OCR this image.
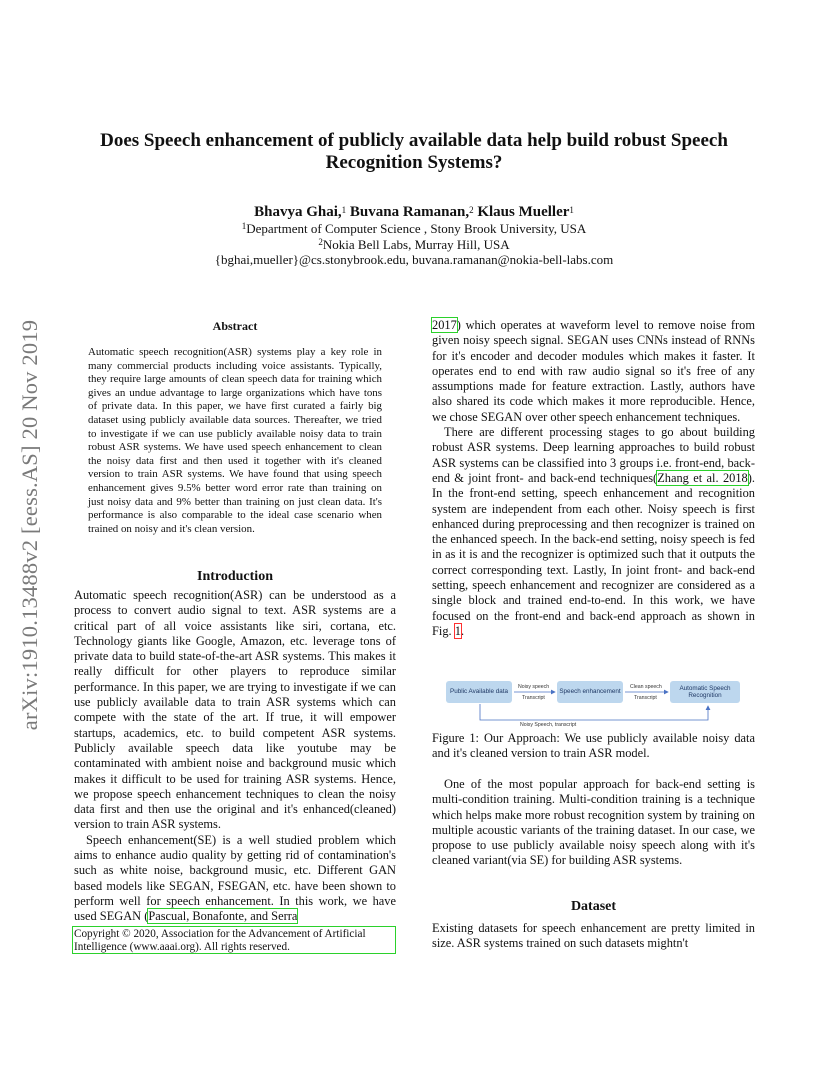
arXiv:1910.13488v2 [eess.AS] 20 Nov 2019
Does Speech enhancement of publicly available data help build robust Speech Recognition Systems?
Bhavya Ghai,$^1$ Buvana Ramanan,$^2$ Klaus Mueller$^1$
$^1$Department of Computer Science , Stony Brook University, USA
$^2$Nokia Bell Labs, Murray Hill, USA
{bghai,mueller}@cs.stonybrook.edu, buvana.ramanan@nokia-bell-labs.com
Abstract
Automatic speech recognition(ASR) systems play a key role in many commercial products including voice assistants. Typically, they require large amounts of clean speech data for training which gives an undue advantage to large organizations which have tons of private data. In this paper, we have first curated a fairly big dataset using publicly available data sources. Thereafter, we tried to investigate if we can use publicly available noisy data to train robust ASR systems. We have used speech enhancement to clean the noisy data first and then used it together with it's cleaned version to train ASR systems. We have found that using speech enhancement gives 9.5% better word error rate than training on just noisy data and 9% better than training on just clean data. It's performance is also comparable to the ideal case scenario when trained on noisy and it's clean version.
Introduction

Automatic speech recognition(ASR) can be understood as a process to convert audio signal to text. ASR systems are a critical part of all voice assistants like siri, cortana, etc. Technology giants like Google, Amazon, etc. leverage tons of private data to build state-of-the-art ASR systems. This makes it really difficult for other players to reproduce similar performance. In this paper, we are trying to investigate if we can use publicly available data to train ASR systems which can compete with the state of the art. If true, it will empower startups, academics, etc. to build competent ASR systems. Publicly available speech data like youtube may be contaminated with ambient noise and background music which makes it difficult to be used for training ASR systems. Hence, we propose speech enhancement techniques to clean the noisy data first and then use the original and it's enhanced(cleaned) version to train ASR systems.

Speech enhancement(SE) is a well studied problem which aims to enhance audio quality by getting rid of contamination's such as white noise, background music, etc. Different GAN based models like SEGAN, FSEGAN, etc. have been shown to perform well for speech enhancement. In this work, we have used SEGAN (Pascual, Bonafonte, and Serra

Copyright © 2020, Association for the Advancement of Artificial Intelligence (www.aaai.org). All rights reserved.

2017) which operates at waveform level to remove noise from given noisy speech signal. SEGAN uses CNNs instead of RNNs for it's encoder and decoder modules which makes it faster. It operates end to end with raw audio signal so it's free of any assumptions made for feature extraction. Lastly, authors have also shared its code which makes it more reproducible. Hence, we chose SEGAN over other speech enhancement techniques.

There are different processing stages to go about building robust ASR systems. Deep learning approaches to build robust ASR systems can be classified into 3 groups i.e. front-end, back-end & joint front- and back-end techniques(Zhang et al. 2018). In the front-end setting, speech enhancement and recognition system are independent from each other. Noisy speech is first enhanced during preprocessing and then recognizer is trained on the enhanced speech. In the back-end setting, noisy speech is fed in as it is and the recognizer is optimized such that it outputs the correct corresponding text. Lastly, In joint front- and back-end setting, speech enhancement and recognizer are considered as a single block and trained end-to-end. In this work, we have focused on the front-end and back-end approach as shown in Fig. 1.

Public Available data	Speech enhancement
Automatic Speech Recognition
Noisy speech
Transcript
Clean speech
Transcript
Noisy Speech, transcript
Figure 1: Our Approach: We use publicly available noisy data and it's cleaned version to train ASR model.

One of the most popular approach for back-end setting is multi-condition training. Multi-condition training is a technique which helps make more robust recognition system by training on multiple acoustic variants of the training dataset. In our case, we propose to use publicly available noisy speech along with it's cleaned variant(via SE) for building ASR systems.

Dataset
Existing datasets for speech enhancement are pretty limited in size. ASR systems trained on such datasets mightn't
